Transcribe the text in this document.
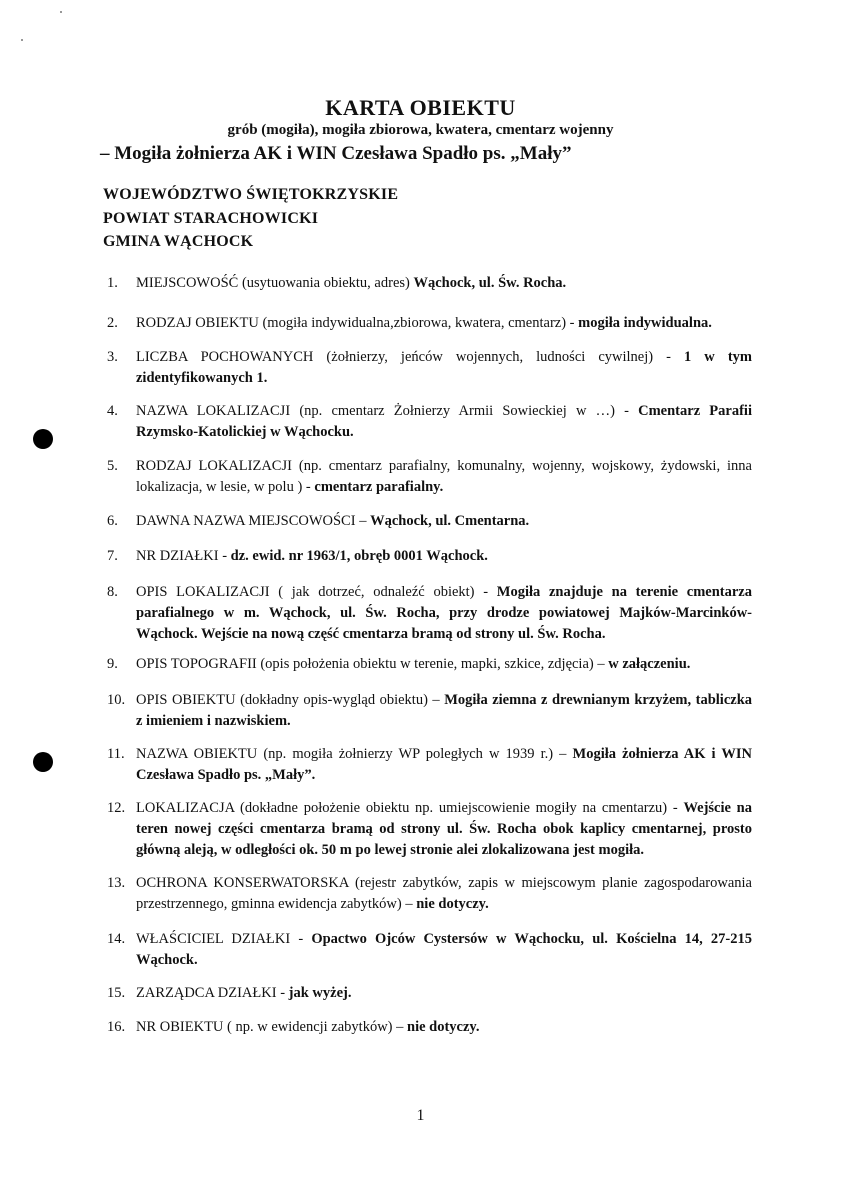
KARTA OBIEKTU
grób (mogiła), mogiła zbiorowa, kwatera, cmentarz wojenny
– Mogiła żołnierza AK i WIN Czesława Spadło ps. „Mały”
WOJEWÓDZTWO ŚWIĘTOKRZYSKIE
POWIAT STARACHOWICKI
GMINA WĄCHOCK
1.	MIEJSCOWOŚĆ (usytuowania obiektu, adres) Wąchock, ul. Św. Rocha.
2.	RODZAJ OBIEKTU (mogiła indywidualna,zbiorowa, kwatera, cmentarz) - mogiła indywidualna.
3.	LICZBA POCHOWANYCH (żołnierzy, jeńców wojennych, ludności cywilnej) - 1 w tym zidentyfikowanych 1.
4.	NAZWA LOKALIZACJI (np. cmentarz Żołnierzy Armii Sowieckiej w …) - Cmentarz Parafii Rzymsko-Katolickiej w Wąchocku.
5.	RODZAJ LOKALIZACJI (np. cmentarz parafialny, komunalny, wojenny, wojskowy, żydowski, inna lokalizacja, w lesie, w polu ) - cmentarz parafialny.
6.	DAWNA NAZWA MIEJSCOWOŚCI – Wąchock, ul. Cmentarna.
7.	NR DZIAŁKI - dz. ewid. nr 1963/1, obręb 0001 Wąchock.
8.	OPIS LOKALIZACJI ( jak dotrzeć, odnaleźć obiekt) - Mogiła znajduje na terenie cmentarza parafialnego w m. Wąchock, ul. Św. Rocha, przy drodze powiatowej Majków-Marcinków-Wąchock. Wejście na nową część cmentarza bramą od strony ul. Św. Rocha.
9.	OPIS TOPOGRAFII (opis położenia obiektu w terenie, mapki, szkice, zdjęcia) – w załączeniu.
10. OPIS OBIEKTU (dokładny opis-wygląd obiektu) – Mogiła ziemna z drewnianym krzyżem, tabliczka z imieniem i nazwiskiem.
11. NAZWA OBIEKTU (np. mogiła żołnierzy WP poległych w 1939 r.) – Mogiła żołnierza AK i WIN Czesława Spadło ps. „Mały”.
12. LOKALIZACJA (dokładne położenie obiektu np. umiejscowienie mogiły na cmentarzu) - Wejście na teren nowej części cmentarza bramą od strony ul. Św. Rocha obok kaplicy cmentarnej, prosto główną aleją, w odległości ok. 50 m po lewej stronie alei zlokalizowana jest mogiła.
13. OCHRONA KONSERWATORSKA (rejestr zabytków, zapis w miejscowym planie zagospodarowania przestrzennego, gminna ewidencja zabytków) – nie dotyczy.
14. WŁAŚCICIEL DZIAŁKI - Opactwo Ojców Cystersów w Wąchocku, ul. Kościelna 14, 27-215 Wąchock.
15. ZARZĄDCA DZIAŁKI - jak wyżej.
16. NR OBIEKTU ( np. w ewidencji zabytków) – nie dotyczy.
1
